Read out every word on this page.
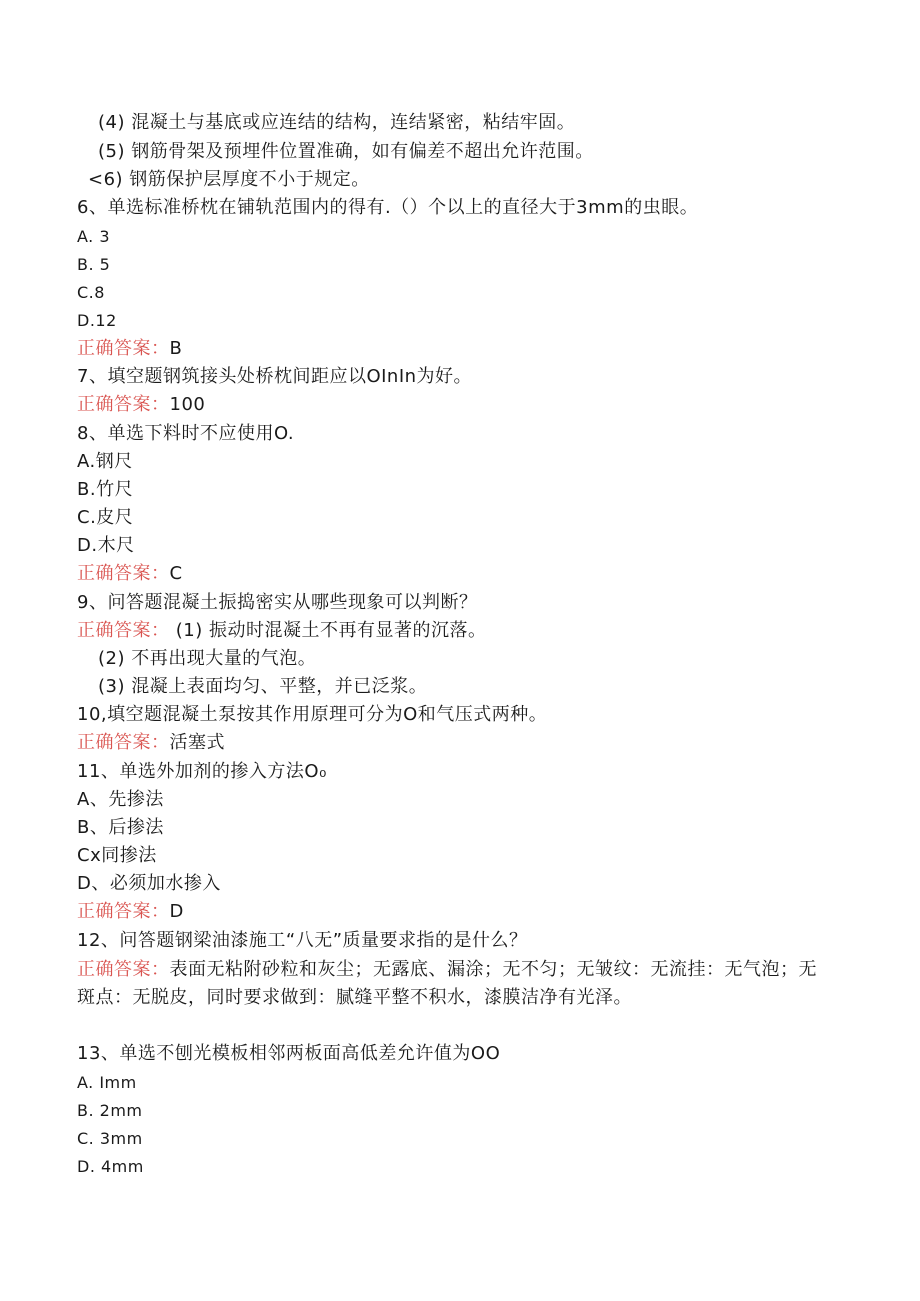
(4) 混凝土与基底或应连结的结构，连结紧密，粘结牢固。
(5) 钢筋骨架及预埋件位置准确，如有偏差不超出允许范围。
<6) 钢筋保护层厚度不小于规定。
6、单选标准桥枕在铺轨范围内的得有.（）个以上的直径大于3mm的虫眼。
A. 3
B. 5
C.8
D.12
正确答案：B
7、填空题钢筑接头处桥枕间距应以OInIn为好。
正确答案：100
8、单选下料时不应使用O.
A.钢尺
B.竹尺
C.皮尺
D.木尺
正确答案：C
9、问答题混凝土振捣密实从哪些现象可以判断？
正确答案： (1) 振动时混凝土不再有显著的沉落。
(2) 不再出现大量的气泡。
(3) 混凝上表面均匀、平整，并已泛浆。
10,填空题混凝土泵按其作用原理可分为O和气压式两种。
正确答案：活塞式
11、单选外加剂的掺入方法O₀
A、先掺法
B、后掺法
Cx同掺法
D、必须加水掺入
正确答案：D
12、问答题钢梁油漆施工“八无”质量要求指的是什么？
正确答案：表面无粘附砂粒和灰尘；无露底、漏涂；无不匀；无皱纹：无流挂：无气泡；无斑点：无脱皮，同时要求做到：腻缝平整不积水，漆膜洁净有光泽。
13、单选不刨光模板相邻两板面高低差允许值为OO
A. Imm
B. 2mm
C. 3mm
D. 4mm
